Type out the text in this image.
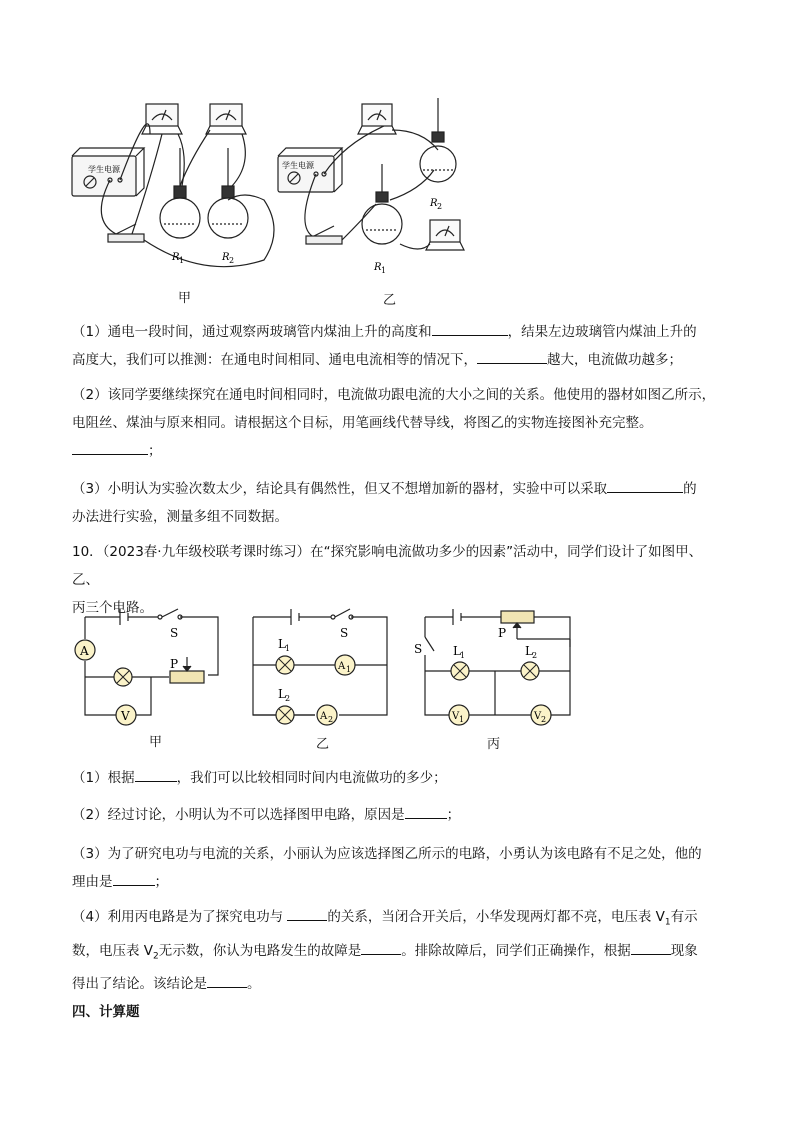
学生电源	学生电源
R 1	R 2
R 2
R 1
甲	乙

（1）通电一段时间，通过观察两玻璃管内煤油上升的高度和	，结果左边玻璃管内煤油上升的
高度大，我们可以推测：在通电时间相同、通电电流相等的情况下，	越大，电流做功越多；

（2）该同学要继续探究在通电时间相同时，电流做功跟电流的大小之间的关系。他使用的器材如图乙所示，
电阻丝、煤油与原来相同。请根据这个目标，用笔画线代替导线，将图乙的实物连接图补充完整。
；

（3）小明认为实验次数太少，结论具有偶然性，但又不想增加新的器材，实验中可以采取	的
办法进行实验，测量多组不同数据。

10．（2023春·九年级校联考课时练习）在“探究影响电流做功多少的因素”活动中，同学们设计了如图甲、乙、
丙三个电路。

A
V
S
P
S
L 1
L 2
A 1
A 2
S
P
L 1	L 2
V 1	V 2
甲	乙	丙

（1）根据	，我们可以比较相同时间内电流做功的多少；

（2）经过讨论，小明认为不可以选择图甲电路，原因是	；

（3）为了研究电功与电流的关系，小丽认为应该选择图乙所示的电路，小勇认为该电路有不足之处，他的
理由是	；

（4）利用丙电路是为了探究电功与	的关系，当闭合开关后，小华发现两灯都不亮，电压表 $V_1$有示
数，电压表 $V_2$无示数，你认为电路发生的故障是	。排除故障后，同学们正确操作，根据	现象
得出了结论。该结论是	。

四、计算题
